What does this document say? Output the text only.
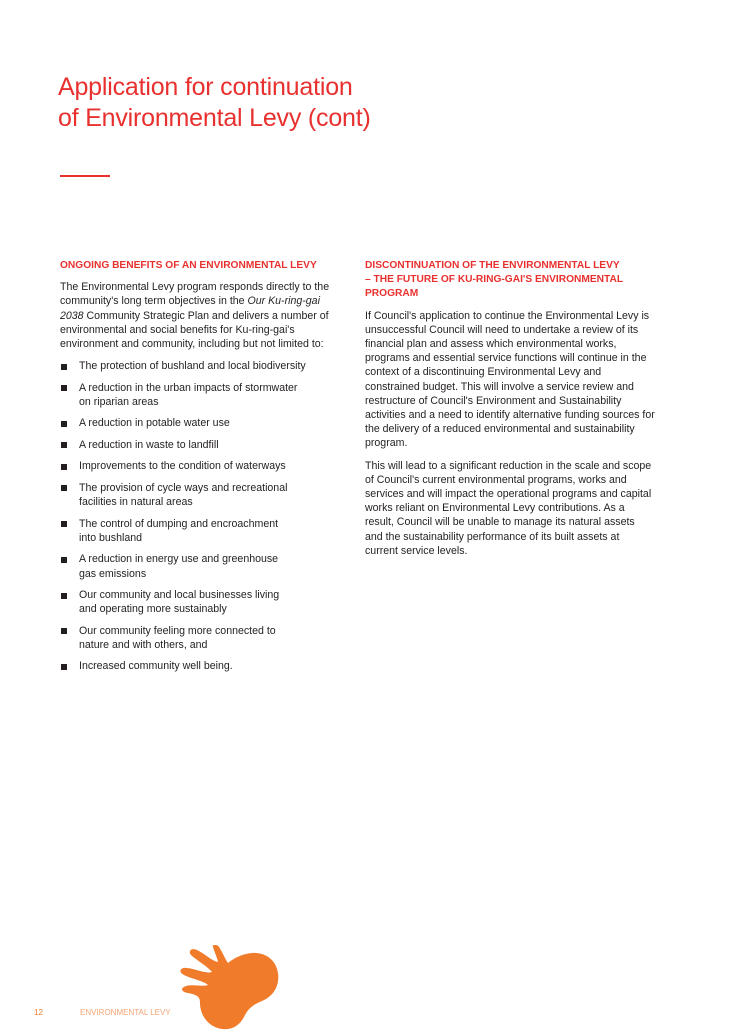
Application for continuation
of Environmental Levy (cont)
ONGOING BENEFITS OF AN ENVIRONMENTAL LEVY

The Environmental Levy program responds directly to the community's long term objectives in the Our Ku-ring-gai 2038 Community Strategic Plan and delivers a number of environmental and social benefits for Ku-ring-gai's environment and community, including but not limited to:

The protection of bushland and local biodiversity
A reduction in the urban impacts of stormwater
on riparian areas
A reduction in potable water use
A reduction in waste to landfill
Improvements to the condition of waterways
The provision of cycle ways and recreational
facilities in natural areas
The control of dumping and encroachment
into bushland
A reduction in energy use and greenhouse
gas emissions
Our community and local businesses living
and operating more sustainably
Our community feeling more connected to
nature and with others, and
Increased community well being.
DISCONTINUATION OF THE ENVIRONMENTAL LEVY
– THE FUTURE OF KU-RING-GAI'S ENVIRONMENTAL PROGRAM

If Council's application to continue the Environmental Levy is unsuccessful Council will need to undertake a review of its financial plan and assess which environmental works, programs and essential service functions will continue in the context of a discontinuing Environmental Levy and constrained budget. This will involve a service review and restructure of Council's Environment and Sustainability activities and a need to identify alternative funding sources for the delivery of a reduced environmental and sustainability program.

This will lead to a significant reduction in the scale and scope of Council's current environmental programs, works and services and will impact the operational programs and capital works reliant on Environmental Levy contributions. As a result, Council will be unable to manage its natural assets and the sustainability performance of its built assets at current service levels.

12	ENVIRONMENTAL LEVY
